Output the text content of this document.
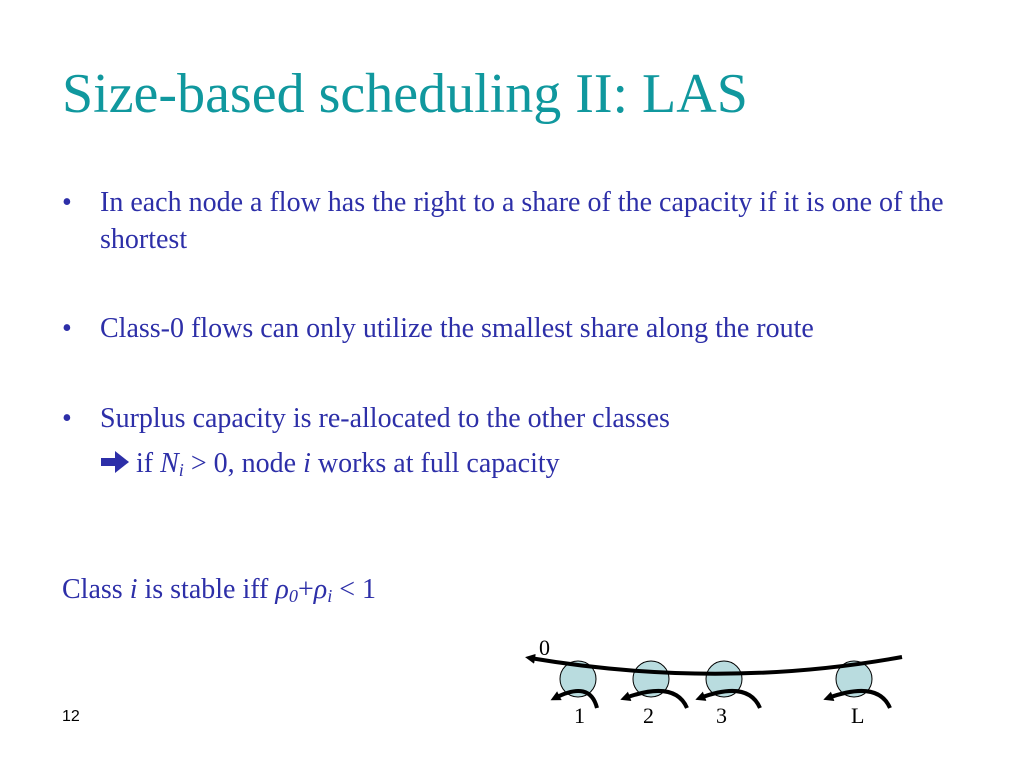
Size-based scheduling II: LAS
• In each node a flow has the right to a share of the capacity if it is one of the shortest
• Class-0 flows can only utilize the smallest share along the route
• Surplus capacity is re-allocated to the other classes
if $N_i > 0$, node i works at full capacity
Class i is stable iff $\rho_0+\rho_i < 1$
0
1	2	3	L
12
